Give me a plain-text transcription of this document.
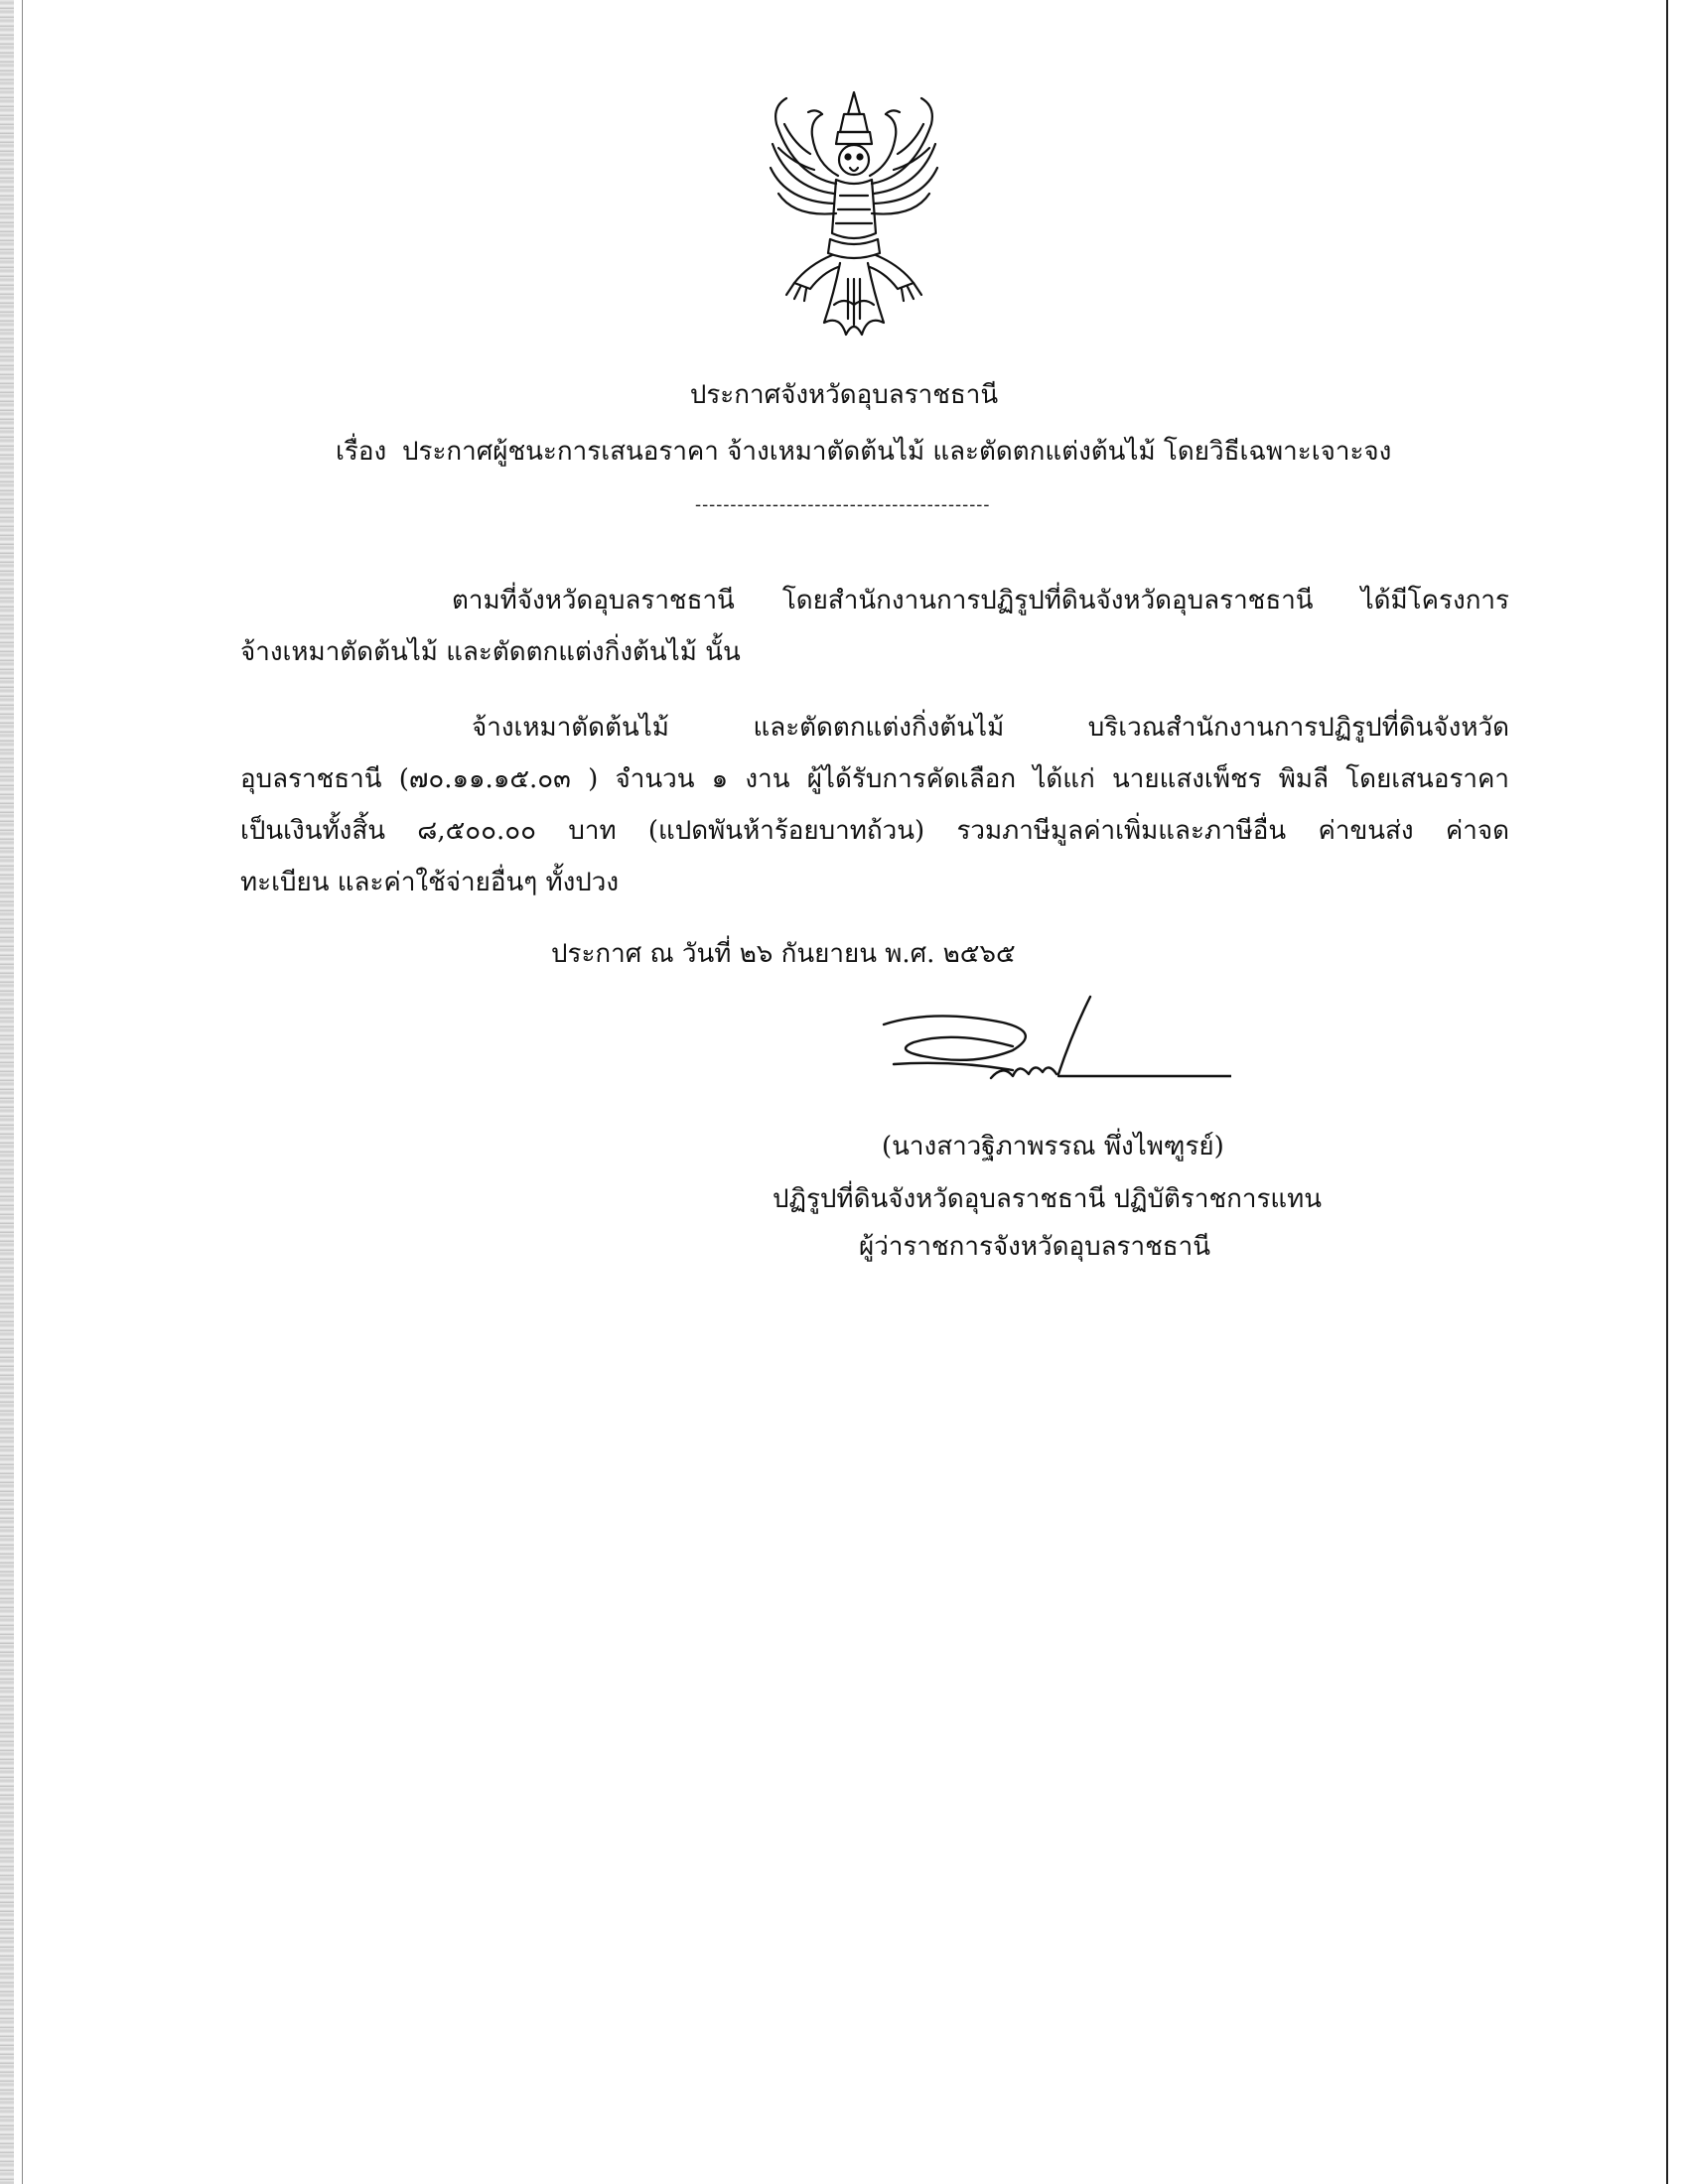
ประกาศจังหวัดอุบลราชธานี
เรื่อง ประกาศผู้ชนะการเสนอราคา จ้างเหมาตัดต้นไม้ และตัดตกแต่งต้นไม้ โดยวิธีเฉพาะเจาะจง
------------------------------------------
ตามที่จังหวัดอุบลราชธานี โดยสำนักงานการปฏิรูปที่ดินจังหวัดอุบลราชธานี ได้มีโครงการ
จ้างเหมาตัดต้นไม้ และตัดตกแต่งกิ่งต้นไม้ นั้น
จ้างเหมาตัดต้นไม้ และตัดตกแต่งกิ่งต้นไม้ บริเวณสำนักงานการปฏิรูปที่ดินจังหวัด
อุบลราชธานี (๗๐.๑๑.๑๕.๐๓ ) จำนวน ๑ งาน ผู้ได้รับการคัดเลือก ได้แก่ นายแสงเพ็ชร พิมลี โดยเสนอราคา
เป็นเงินทั้งสิ้น ๘,๕๐๐.๐๐ บาท (แปดพันห้าร้อยบาทถ้วน) รวมภาษีมูลค่าเพิ่มและภาษีอื่น ค่าขนส่ง ค่าจด
ทะเบียน และค่าใช้จ่ายอื่นๆ ทั้งปวง
ประกาศ ณ วันที่ ๒๖ กันยายน พ.ศ. ๒๕๖๕
(นางสาวฐิภาพรรณ พึ่งไพฑูรย์)
ปฏิรูปที่ดินจังหวัดอุบลราชธานี ปฏิบัติราชการแทน
ผู้ว่าราชการจังหวัดอุบลราชธานี
